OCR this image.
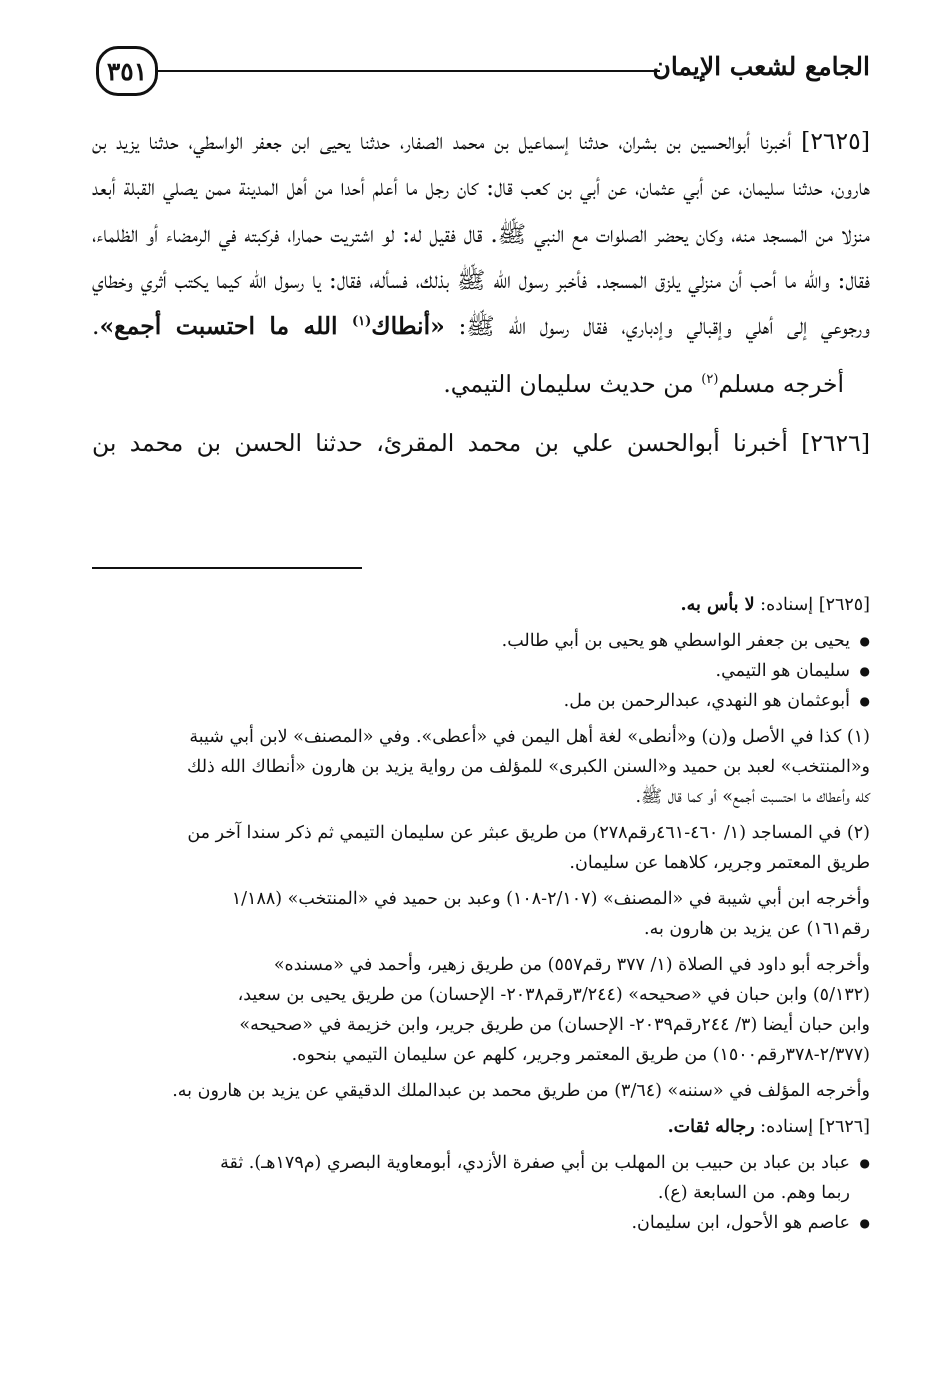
٣٥١	الجامع لشعب الإيمان

[٢٦٢٥] أخبرنا أبوالحسين بن بشران، حدثنا إسماعيل بن محمد الصفار، حدثنا يحيى ابن جعفر الواسطي، حدثنا يزيد بن هارون، حدثنا سليمان، عن أبي عثمان، عن أبي بن كعب قال: كان رجل ما أعلم أحدا من أهل المدينة ممن يصلي القبلة أبعد منزلا من المسجد منه، وكان يحضر الصلوات مع النبي ﷺ. قال فقيل له: لو اشتريت حمارا، فركبته في الرمضاء أو الظلماء، فقال: والله ما أحب أن منزلي يلزق المسجد. فأخبر رسول الله ﷺ بذلك، فسأله، فقال: يا رسول الله كيما يكتب أثري وخطاي ورجوعي إلى أهلي وإقبالي وإدباري، فقال رسول الله ﷺ: «أنطاك$^{(١)}$ الله ما احتسبت أجمع».

أخرجه مسلم$^{(٢)}$ من حديث سليمان التيمي.

[٢٦٢٦] أخبرنا أبوالحسن علي بن محمد المقرئ، حدثنا الحسن بن محمد بن

[٢٦٢٥] إسناده: لا بأس به.
● يحيى بن جعفر الواسطي هو يحيى بن أبي طالب.
● سليمان هو التيمي.
● أبوعثمان هو النهدي، عبدالرحمن بن مل.
(١) كذا في الأصل و(ن) و«أنطى» لغة أهل اليمن في «أعطى». وفي «المصنف» لابن أبي شيبة
و«المنتخب» لعبد بن حميد و«السنن الكبرى» للمؤلف من رواية يزيد بن هارون «أنطاك الله ذلك
كله وأعطاك ما احتسبت أجمع» أو كما قال ﷺ.
(٢) في المساجد (١/ ٤٦٠-٤٦١رقم٢٧٨) من طريق عبثر عن سليمان التيمي ثم ذكر سندا آخر من
طريق المعتمر وجرير، كلاهما عن سليمان.
وأخرجه ابن أبي شيبة في «المصنف» (٢/١٠٧-١٠٨) وعبد بن حميد في «المنتخب» (١/١٨٨
رقم١٦١) عن يزيد بن هارون به.
وأخرجه أبو داود في الصلاة (١/ ٣٧٧ رقم٥٥٧) من طريق زهير، وأحمد في «مسنده»
(٥/١٣٢) وابن حبان في «صحيحه» (٣/٢٤٤رقم٢٠٣٨- الإحسان) من طريق يحيى بن سعيد،
وابن حبان أيضا (٣/ ٢٤٤رقم٢٠٣٩- الإحسان) من طريق جرير، وابن خزيمة في «صحيحه»
(٢/٣٧٧-٣٧٨رقم١٥٠٠) من طريق المعتمر وجرير، كلهم عن سليمان التيمي بنحوه.
وأخرجه المؤلف في «سننه» (٣/٦٤) من طريق محمد بن عبدالملك الدقيقي عن يزيد بن هارون به.
[٢٦٢٦] إسناده: رجاله ثقات.
● عباد بن عباد بن حبيب بن المهلب بن أبي صفرة الأزدي، أبومعاوية البصري (م١٧٩هـ). ثقة
ربما وهم. من السابعة (ع).
● عاصم هو الأحول، ابن سليمان.
